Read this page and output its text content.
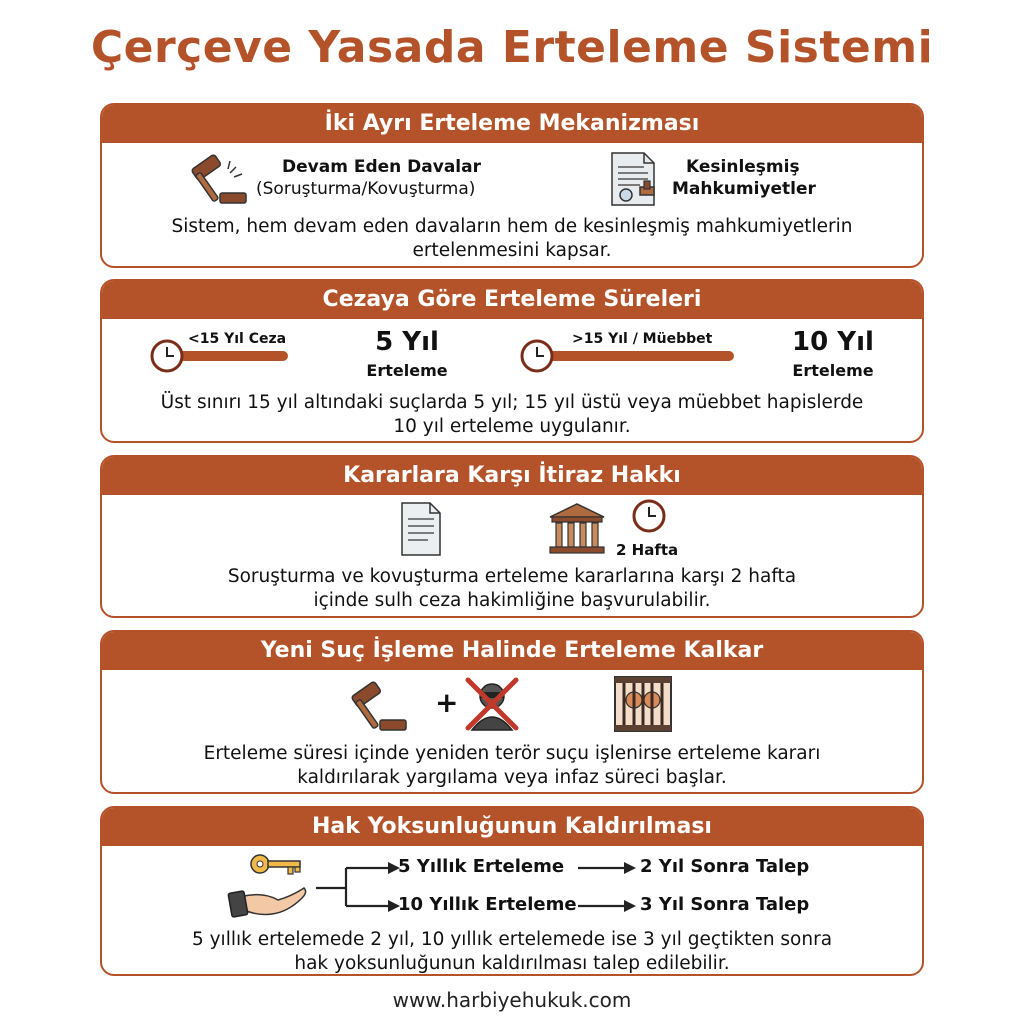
Çerçeve Yasada Erteleme Sistemi
İki Ayrı Erteleme Mekanizması
Devam Eden Davalar
(Soruşturma/Kovuşturma)
Kesinleşmiş
Mahkumiyetler
Sistem, hem devam eden davaların hem de kesinleşmiş mahkumiyetlerin
ertelenmesini kapsar.
Cezaya Göre Erteleme Süreleri
<15 Yıl Ceza	5 Yıl
Erteleme
>15 Yıl / Müebbet	10 Yıl
Erteleme
Üst sınırı 15 yıl altındaki suçlarda 5 yıl; 15 yıl üstü veya müebbet hapislerde
10 yıl erteleme uygulanır.
Kararlara Karşı İtiraz Hakkı
2 Hafta
Soruşturma ve kovuşturma erteleme kararlarına karşı 2 hafta
içinde sulh ceza hakimliğine başvurulabilir.
Yeni Suç İşleme Halinde Erteleme Kalkar
+
Erteleme süresi içinde yeniden terör suçu işlenirse erteleme kararı
kaldırılarak yargılama veya infaz süreci başlar.
Hak Yoksunluğunun Kaldırılması
5 Yıllık Erteleme	2 Yıl Sonra Talep
10 Yıllık Erteleme	3 Yıl Sonra Talep
5 yıllık ertelemede 2 yıl, 10 yıllık ertelemede ise 3 yıl geçtikten sonra
hak yoksunluğunun kaldırılması talep edilebilir.
www.harbiyehukuk.com
